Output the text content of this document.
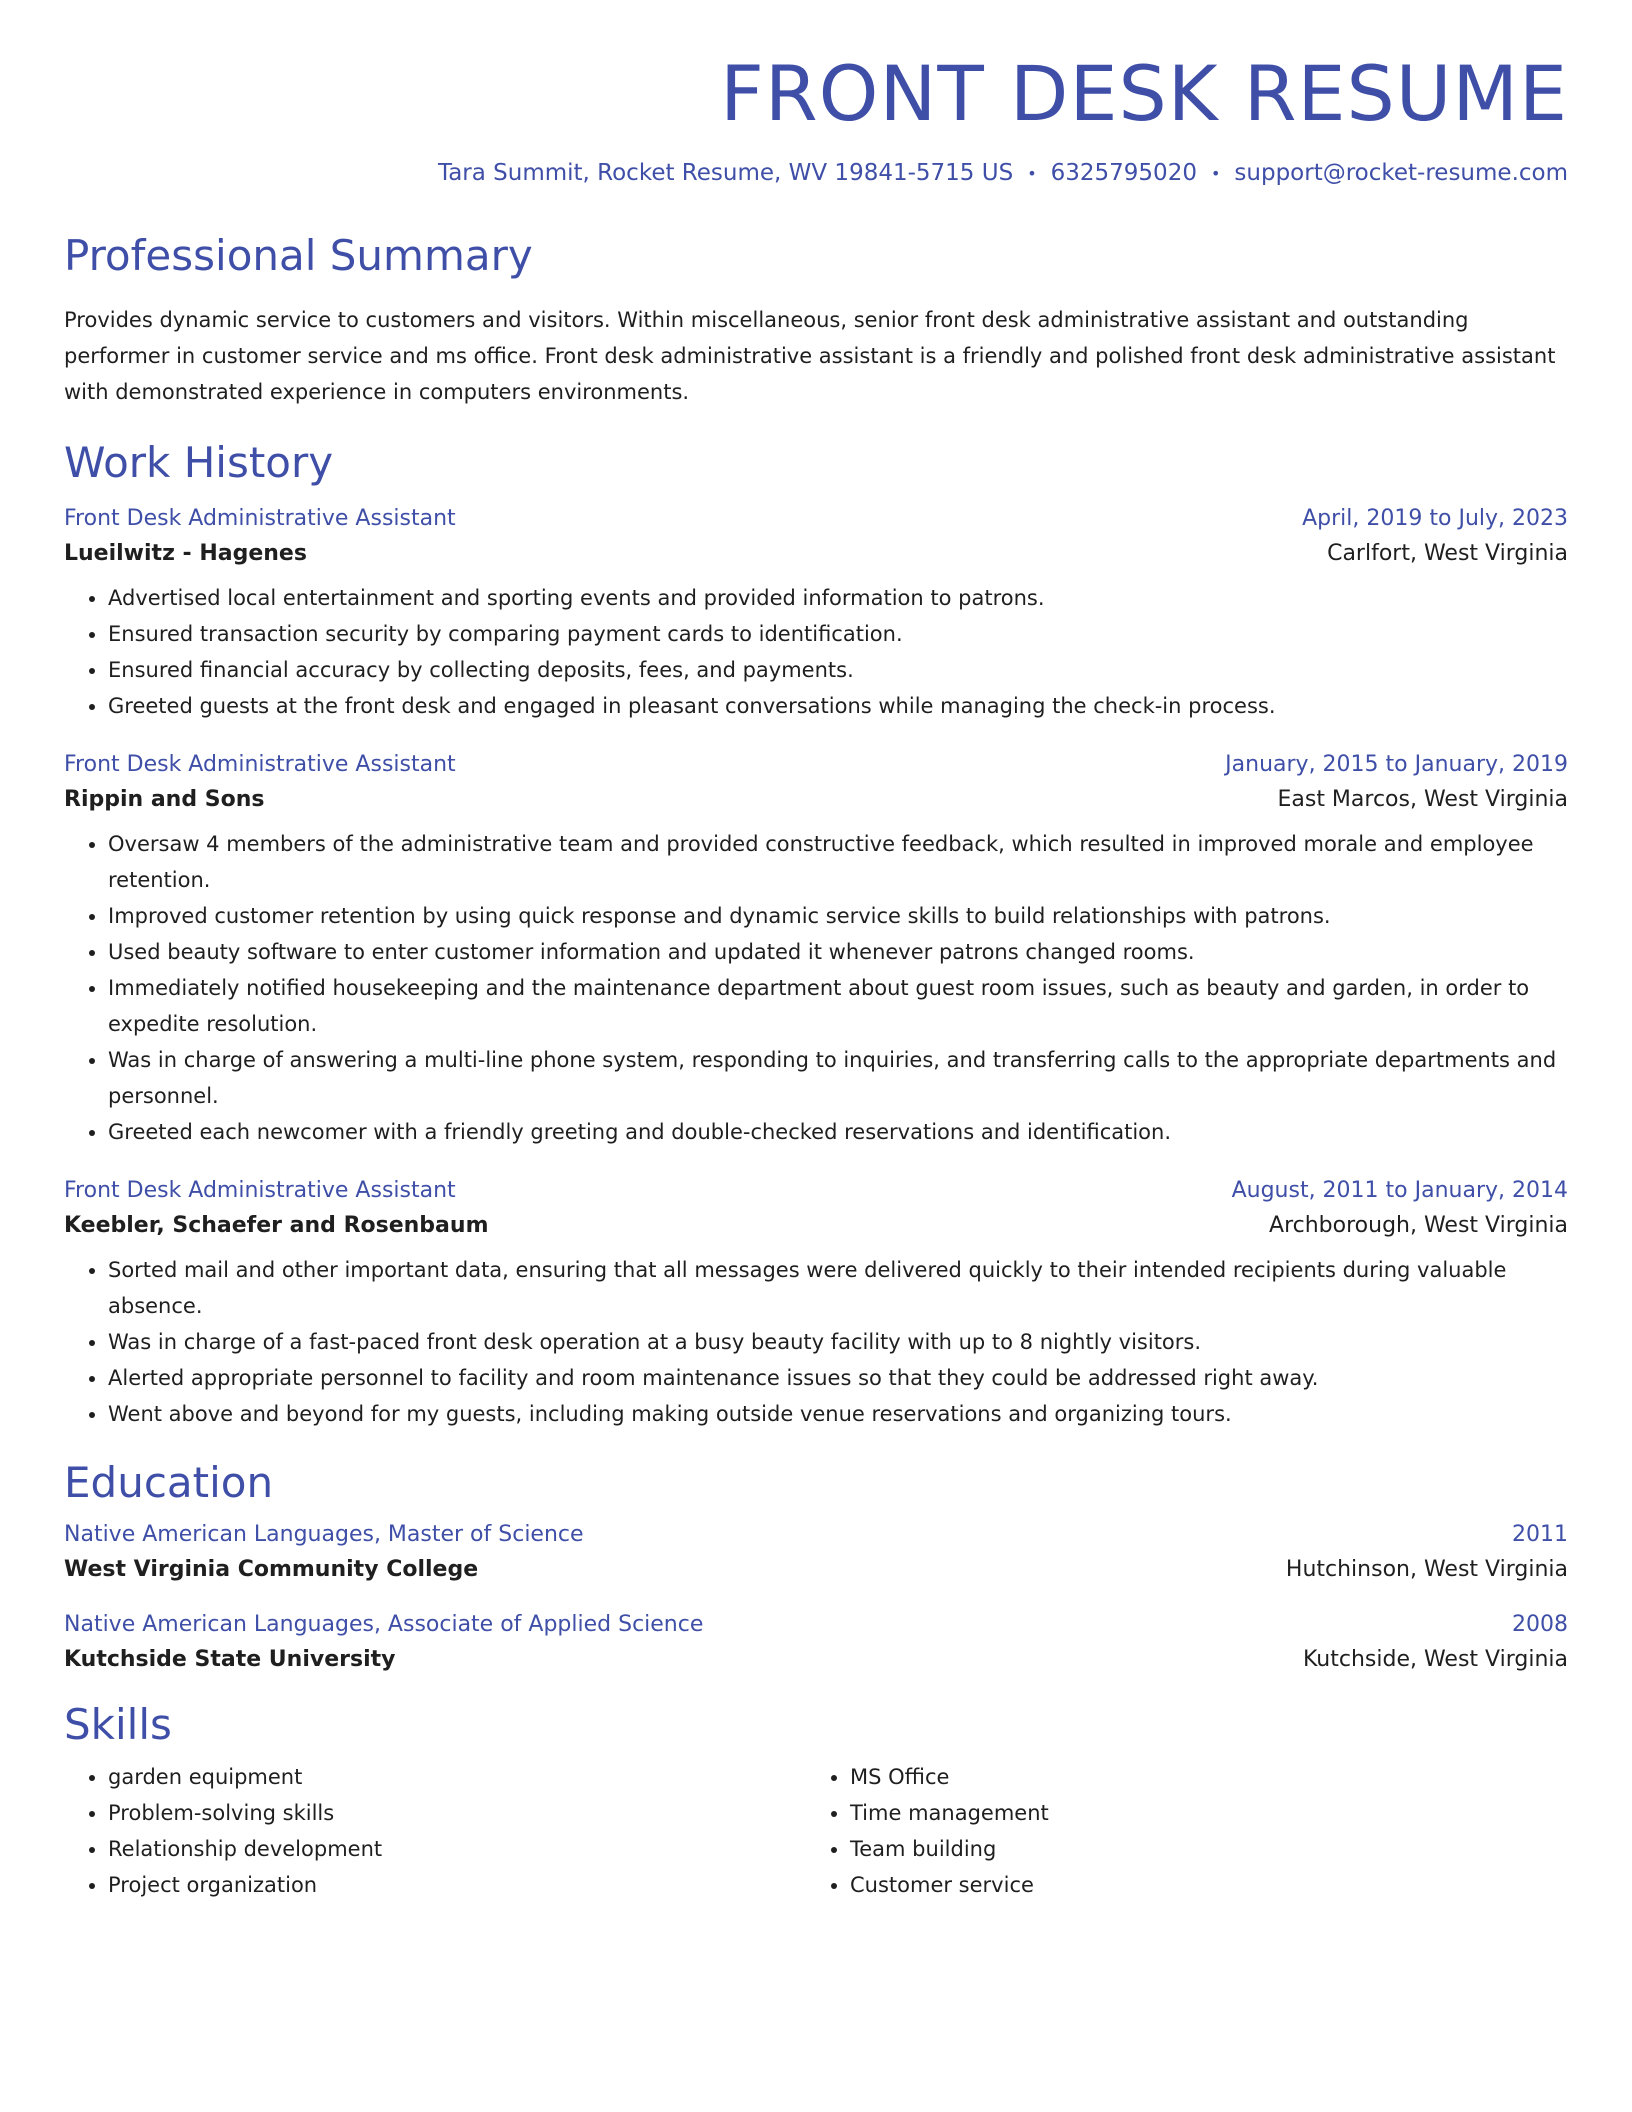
FRONT DESK RESUME
Tara Summit, Rocket Resume, WV 19841-5715 US • 6325795020 • support@rocket-resume.com
Professional Summary
Provides dynamic service to customers and visitors. Within miscellaneous, senior front desk administrative assistant and outstanding performer in customer service and ms office. Front desk administrative assistant is a friendly and polished front desk administrative assistant with demonstrated experience in computers environments.
Work History
Front Desk Administrative Assistant	April, 2019 to July, 2023
Lueilwitz - Hagenes	Carlfort, West Virginia
• Advertised local entertainment and sporting events and provided information to patrons.
• Ensured transaction security by comparing payment cards to identification.
• Ensured financial accuracy by collecting deposits, fees, and payments.
• Greeted guests at the front desk and engaged in pleasant conversations while managing the check-in process.
Front Desk Administrative Assistant	January, 2015 to January, 2019
Rippin and Sons	East Marcos, West Virginia
• Oversaw 4 members of the administrative team and provided constructive feedback, which resulted in improved morale and employee retention.
• Improved customer retention by using quick response and dynamic service skills to build relationships with patrons.
• Used beauty software to enter customer information and updated it whenever patrons changed rooms.
• Immediately notified housekeeping and the maintenance department about guest room issues, such as beauty and garden, in order to expedite resolution.
• Was in charge of answering a multi-line phone system, responding to inquiries, and transferring calls to the appropriate departments and personnel.
• Greeted each newcomer with a friendly greeting and double-checked reservations and identification.
Front Desk Administrative Assistant	August, 2011 to January, 2014
Keebler, Schaefer and Rosenbaum	Archborough, West Virginia
• Sorted mail and other important data, ensuring that all messages were delivered quickly to their intended recipients during valuable absence.
• Was in charge of a fast-paced front desk operation at a busy beauty facility with up to 8 nightly visitors.
• Alerted appropriate personnel to facility and room maintenance issues so that they could be addressed right away.
• Went above and beyond for my guests, including making outside venue reservations and organizing tours.
Education
Native American Languages, Master of Science	2011
West Virginia Community College	Hutchinson, West Virginia
Native American Languages, Associate of Applied Science	2008
Kutchside State University	Kutchside, West Virginia
Skills
• garden equipment
• Problem-solving skills
• Relationship development
• Project organization
• MS Office
• Time management
• Team building
• Customer service
